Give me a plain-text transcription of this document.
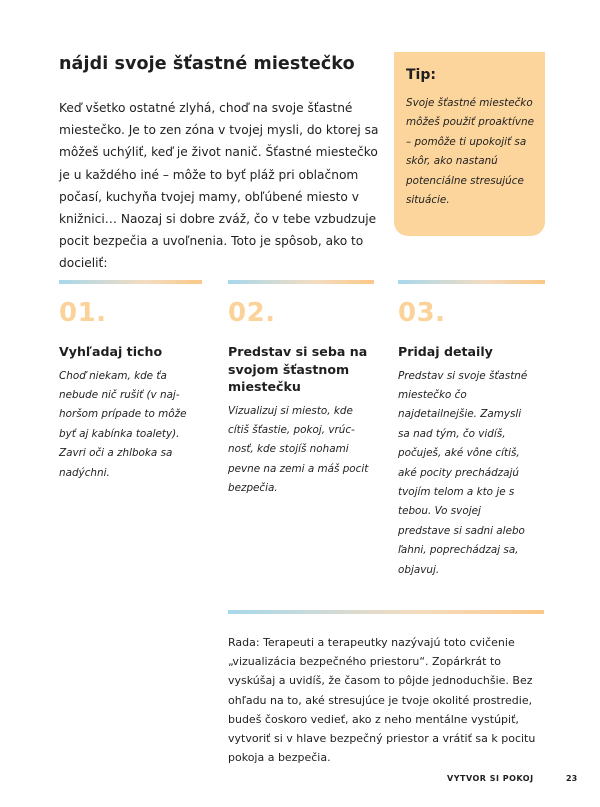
nájdi svoje šťastné miestečko
Keď všetko ostatné zlyhá, choď na svoje šťastné miestečko. Je to zen zóna v tvojej mysli, do ktorej sa môžeš uchýliť, keď je život nanič. Šťastné miestečko je u každého iné – môže to byť pláž pri oblačnom počasí, kuchyňa tvojej mamy, obľúbené miesto v knižnici… Naozaj si dobre zváž, čo v tebe vzbudzuje pocit bezpečia a uvoľnenia. Toto je spôsob, ako to docieliť:
Tip:
Svoje šťastné miestečko môžeš použiť proaktívne – pomôže ti upokojiť sa skôr, ako nastanú potenciálne stresujúce situácie.
01.
Vyhľadaj ticho
Choď niekam, kde ťa nebude nič rušiť (v najhoršom prípade to môže byť aj kabínka toalety). Zavri oči a zhlboka sa nadýchni.
02.
Predstav si seba na svojom šťastnom miestečku
Vizualizuj si miesto, kde cítiš šťastie, pokoj, vrúcnosť, kde stojíš nohami pevne na zemi a máš pocit bezpečia.
03.
Pridaj detaily
Predstav si svoje šťastné miestečko čo najdetailnejšie. Zamysli sa nad tým, čo vidíš, počuješ, aké vône cítiš, aké pocity prechádzajú tvojím telom a kto je s tebou. Vo svojej predstave si sadni alebo ľahni, poprechádzaj sa, objavuj.
Rada: Terapeuti a terapeutky nazývajú toto cvičenie „vizualizácia bezpečného priestoru“. Zopárkrát to vyskúšaj a uvidíš, že časom to pôjde jednoduchšie. Bez ohľadu na to, aké stresujúce je tvoje okolité prostredie, budeš čoskoro vedieť, ako z neho mentálne vystúpiť, vytvoriť si v hlave bezpečný priestor a vrátiť sa k pocitu pokoja a bezpečia.
VYTVOR SI POKOJ	23
